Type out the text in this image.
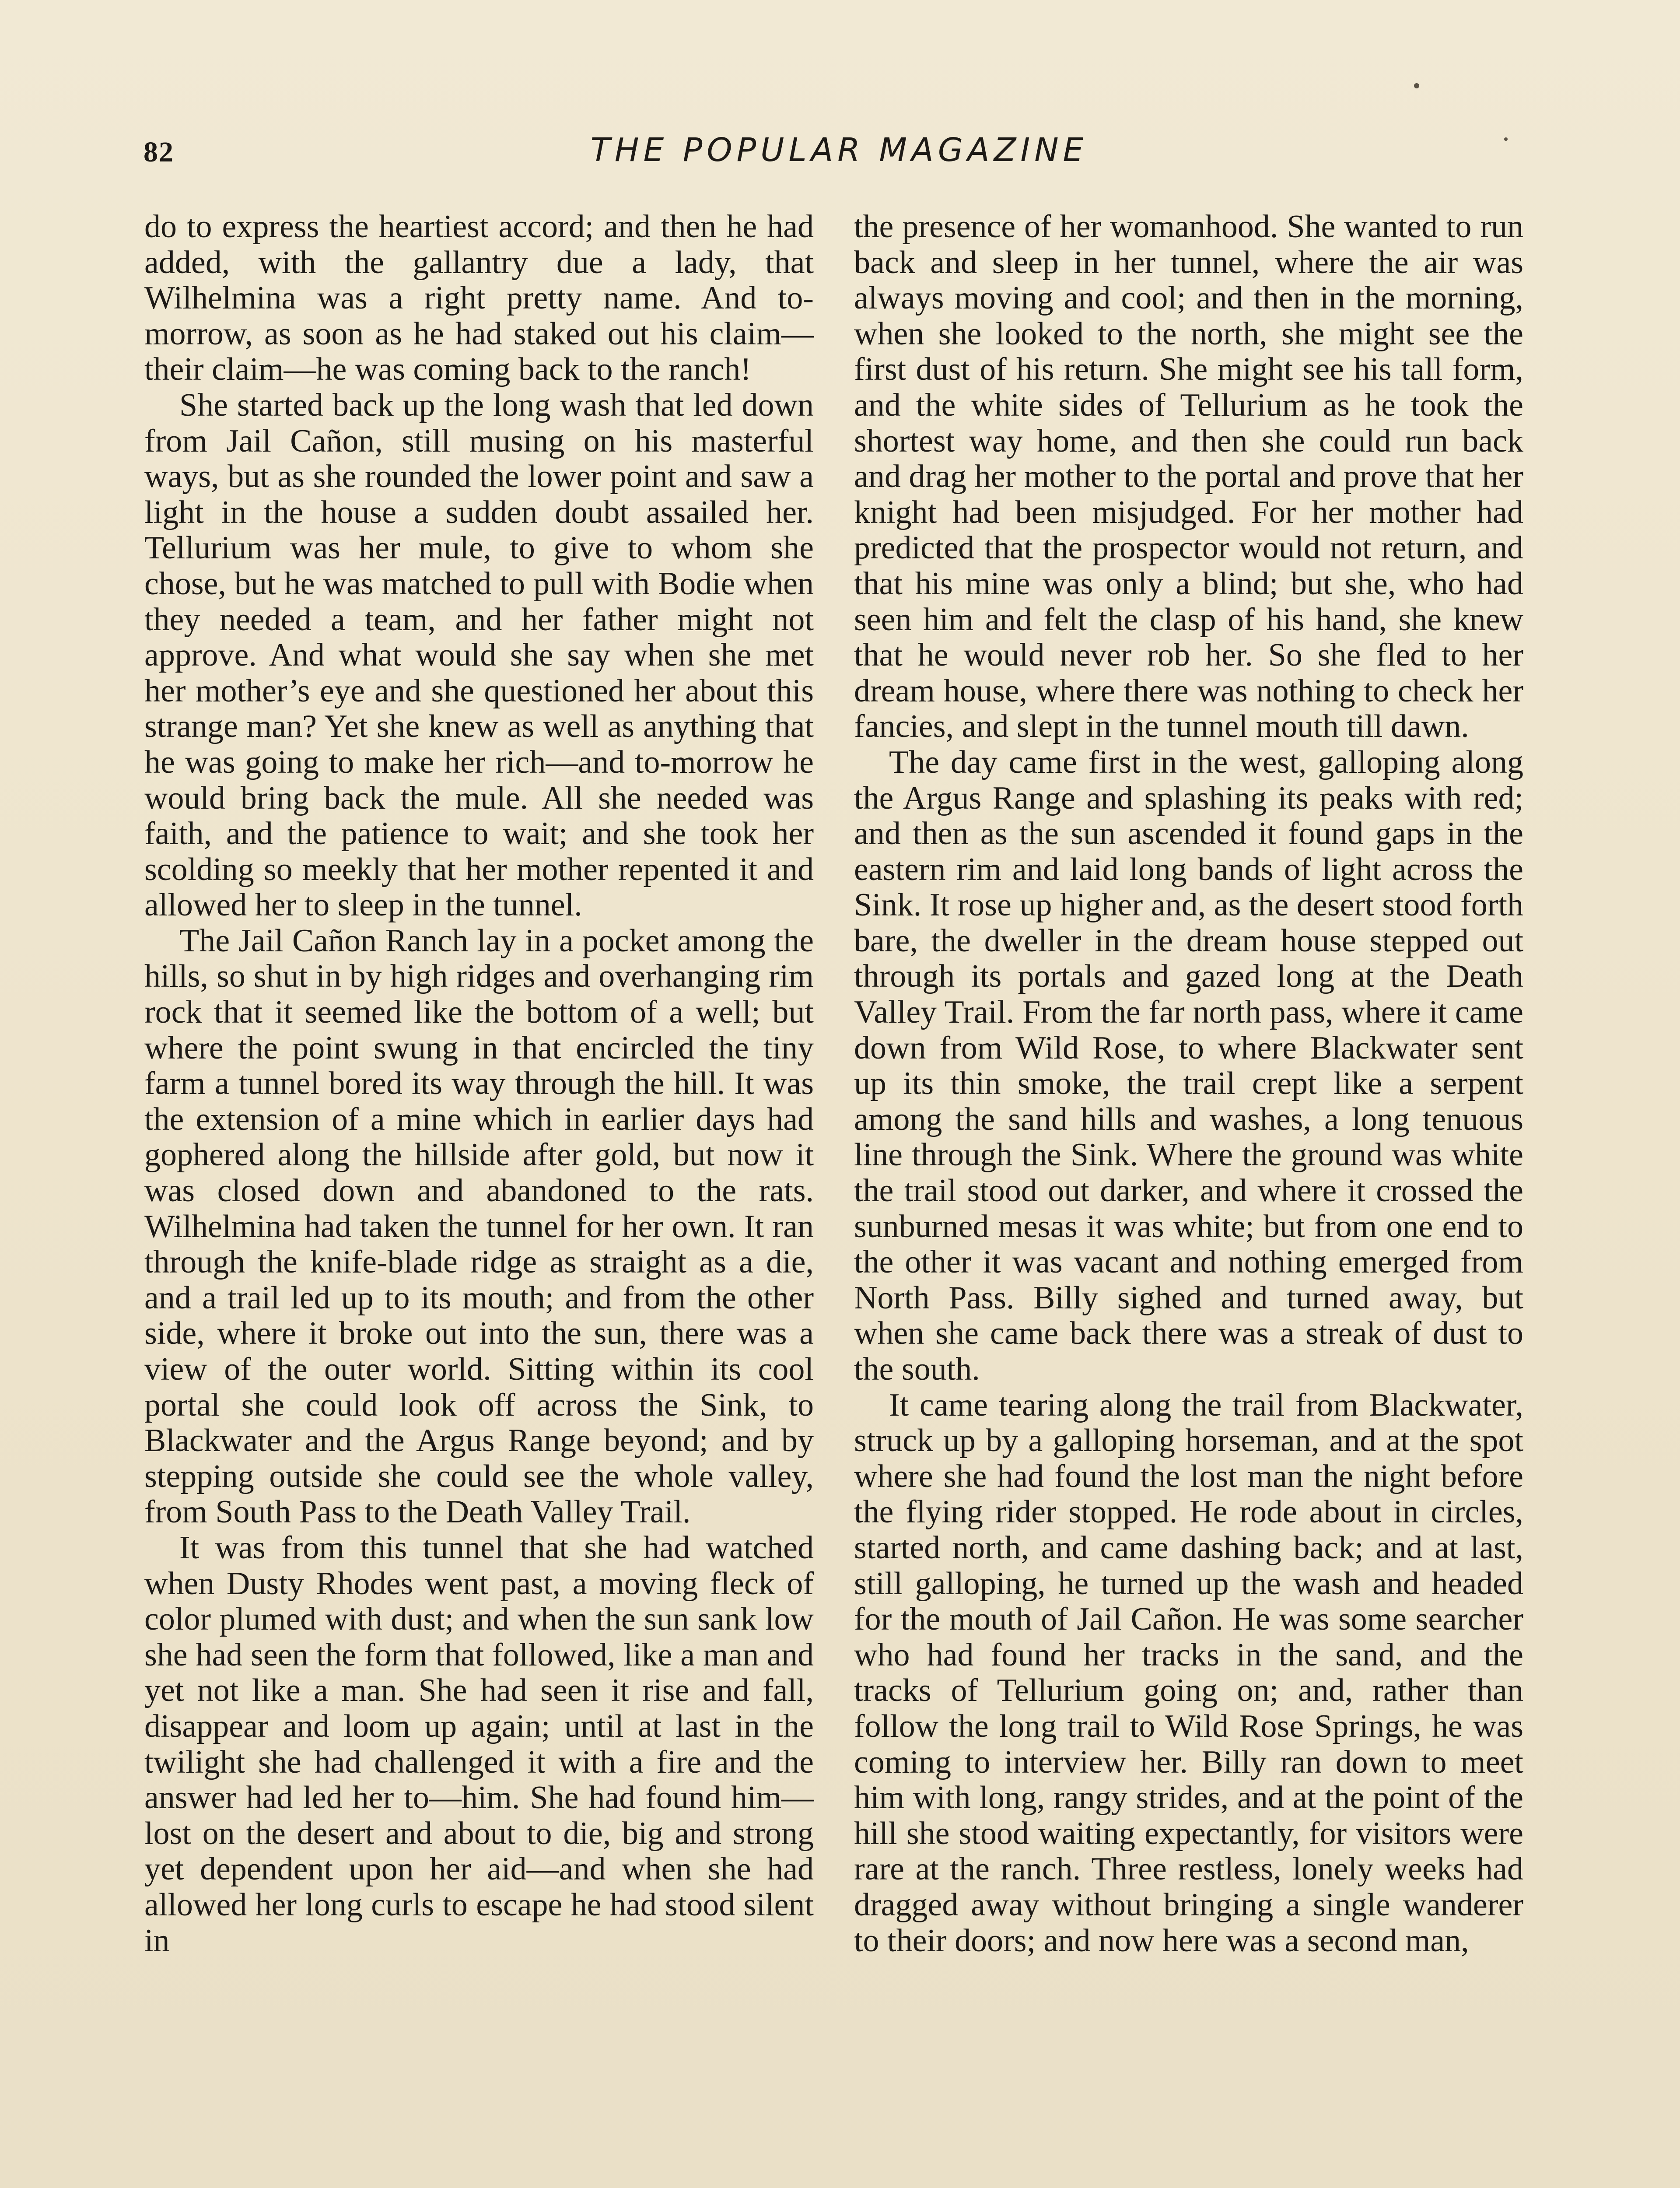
82	THE POPULAR MAGAZINE

do to express the heartiest accord; and then he had added, with the gallantry due a lady, that Wilhelmina was a right pretty name. And to-morrow, as soon as he had staked out his claim—their claim—he was coming back to the ranch!

She started back up the long wash that led down from Jail Cañon, still musing on his masterful ways, but as she rounded the lower point and saw a light in the house a sudden doubt assailed her. Tellurium was her mule, to give to whom she chose, but he was matched to pull with Bodie when they needed a team, and her father might not approve. And what would she say when she met her mother’s eye and she questioned her about this strange man? Yet she knew as well as anything that he was going to make her rich—and to-morrow he would bring back the mule. All she needed was faith, and the patience to wait; and she took her scolding so meekly that her mother repented it and allowed her to sleep in the tunnel.

The Jail Cañon Ranch lay in a pocket among the hills, so shut in by high ridges and overhanging rim rock that it seemed like the bottom of a well; but where the point swung in that encircled the tiny farm a tunnel bored its way through the hill. It was the extension of a mine which in earlier days had gophered along the hillside after gold, but now it was closed down and abandoned to the rats. Wilhelmina had taken the tunnel for her own. It ran through the knife-blade ridge as straight as a die, and a trail led up to its mouth; and from the other side, where it broke out into the sun, there was a view of the outer world. Sitting within its cool portal she could look off across the Sink, to Blackwater and the Argus Range beyond; and by stepping outside she could see the whole valley, from South Pass to the Death Valley Trail.

It was from this tunnel that she had watched when Dusty Rhodes went past, a moving fleck of color plumed with dust; and when the sun sank low she had seen the form that followed, like a man and yet not like a man. She had seen it rise and fall, disappear and loom up again; until at last in the twilight she had challenged it with a fire and the answer had led her to—him. She had found him—lost on the desert and about to die, big and strong yet dependent upon her aid—and when she had allowed her long curls to escape he had stood silent in

the presence of her womanhood. She wanted to run back and sleep in her tunnel, where the air was always moving and cool; and then in the morning, when she looked to the north, she might see the first dust of his return. She might see his tall form, and the white sides of Tellurium as he took the shortest way home, and then she could run back and drag her mother to the portal and prove that her knight had been misjudged. For her mother had predicted that the prospector would not return, and that his mine was only a blind; but she, who had seen him and felt the clasp of his hand, she knew that he would never rob her. So she fled to her dream house, where there was nothing to check her fancies, and slept in the tunnel mouth till dawn.

The day came first in the west, galloping along the Argus Range and splashing its peaks with red; and then as the sun ascended it found gaps in the eastern rim and laid long bands of light across the Sink. It rose up higher and, as the desert stood forth bare, the dweller in the dream house stepped out through its portals and gazed long at the Death Valley Trail. From the far north pass, where it came down from Wild Rose, to where Blackwater sent up its thin smoke, the trail crept like a serpent among the sand hills and washes, a long tenuous line through the Sink. Where the ground was white the trail stood out darker, and where it crossed the sunburned mesas it was white; but from one end to the other it was vacant and nothing emerged from North Pass. Billy sighed and turned away, but when she came back there was a streak of dust to the south.

It came tearing along the trail from Blackwater, struck up by a galloping horseman, and at the spot where she had found the lost man the night before the flying rider stopped. He rode about in circles, started north, and came dashing back; and at last, still galloping, he turned up the wash and headed for the mouth of Jail Cañon. He was some searcher who had found her tracks in the sand, and the tracks of Tellurium going on; and, rather than follow the long trail to Wild Rose Springs, he was coming to interview her. Billy ran down to meet him with long, rangy strides, and at the point of the hill she stood waiting expectantly, for visitors were rare at the ranch. Three restless, lonely weeks had dragged away without bringing a single wanderer to their doors; and now here was a second man,
